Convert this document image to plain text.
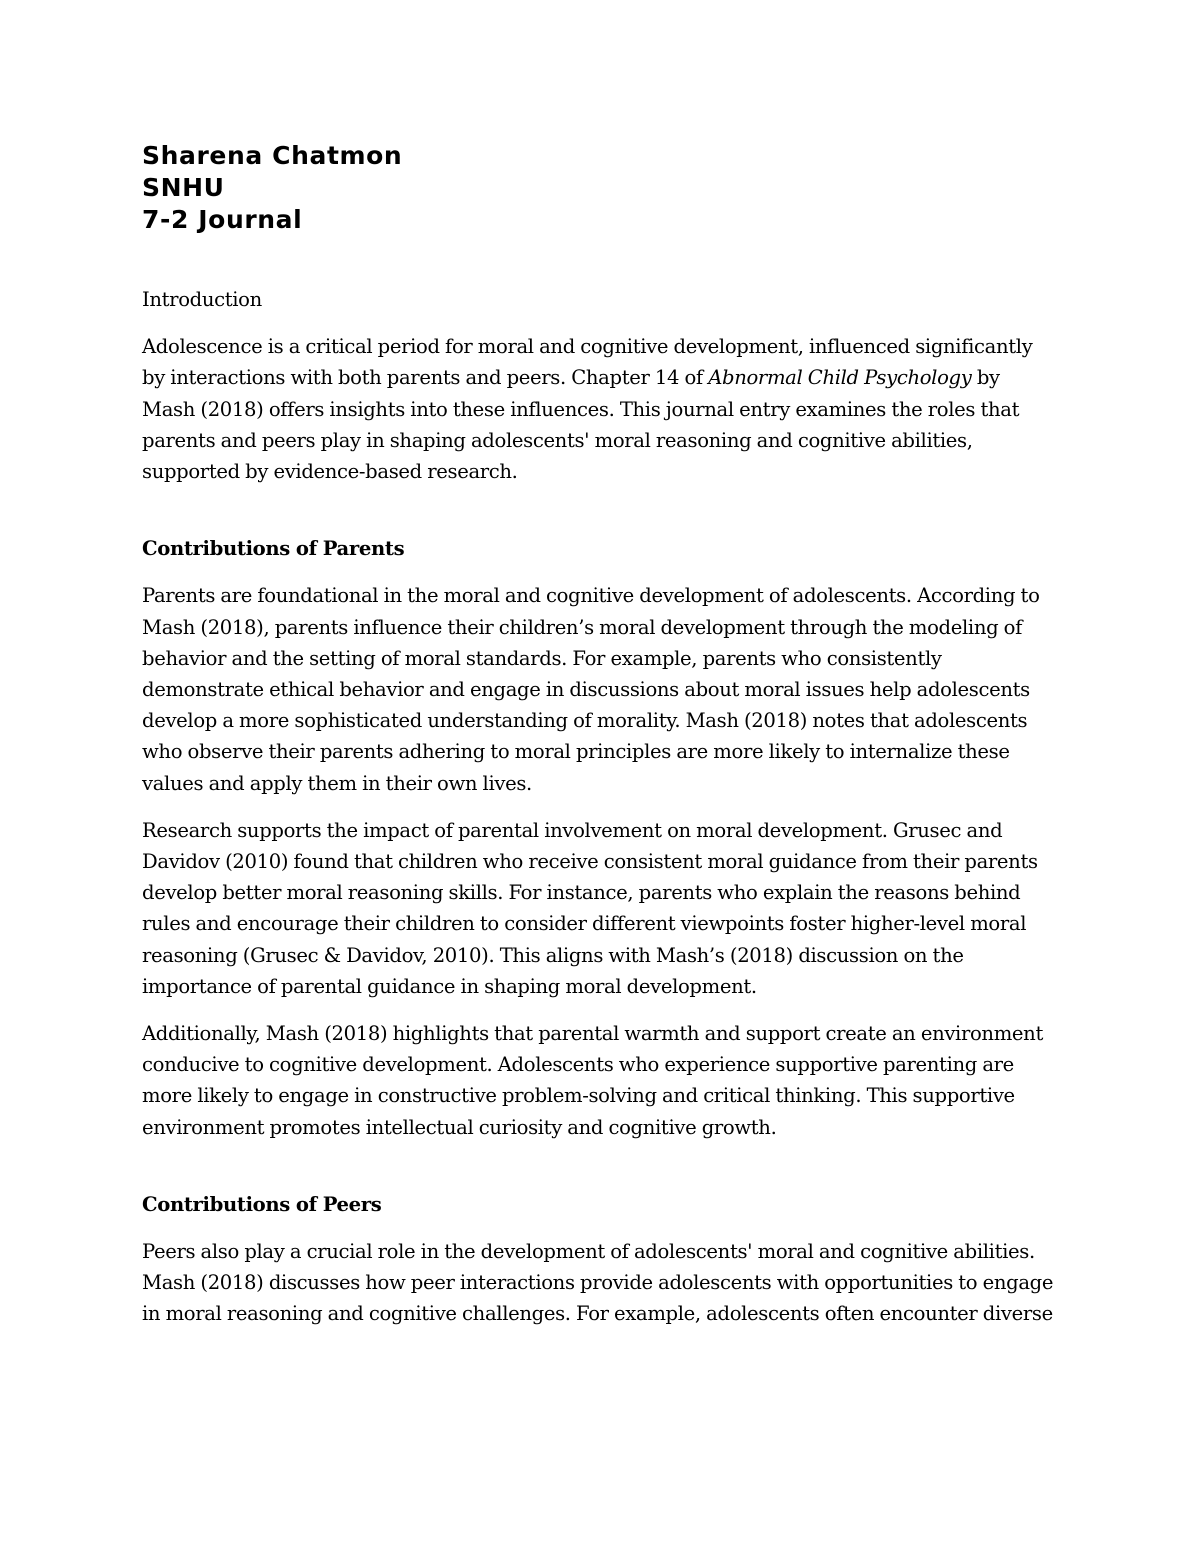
Sharena Chatmon
SNHU
7-2 Journal

Introduction

Adolescence is a critical period for moral and cognitive development, influenced significantly by interactions with both parents and peers. Chapter 14 of Abnormal Child Psychology by Mash (2018) offers insights into these influences. This journal entry examines the roles that parents and peers play in shaping adolescents' moral reasoning and cognitive abilities, supported by evidence-based research.

Contributions of Parents

Parents are foundational in the moral and cognitive development of adolescents. According to Mash (2018), parents influence their children’s moral development through the modeling of behavior and the setting of moral standards. For example, parents who consistently demonstrate ethical behavior and engage in discussions about moral issues help adolescents develop a more sophisticated understanding of morality. Mash (2018) notes that adolescents who observe their parents adhering to moral principles are more likely to internalize these values and apply them in their own lives.

Research supports the impact of parental involvement on moral development. Grusec and Davidov (2010) found that children who receive consistent moral guidance from their parents develop better moral reasoning skills. For instance, parents who explain the reasons behind rules and encourage their children to consider different viewpoints foster higher-level moral reasoning (Grusec & Davidov, 2010). This aligns with Mash’s (2018) discussion on the importance of parental guidance in shaping moral development.

Additionally, Mash (2018) highlights that parental warmth and support create an environment conducive to cognitive development. Adolescents who experience supportive parenting are more likely to engage in constructive problem-solving and critical thinking. This supportive environment promotes intellectual curiosity and cognitive growth.

Contributions of Peers

Peers also play a crucial role in the development of adolescents' moral and cognitive abilities. Mash (2018) discusses how peer interactions provide adolescents with opportunities to engage in moral reasoning and cognitive challenges. For example, adolescents often encounter diverse
